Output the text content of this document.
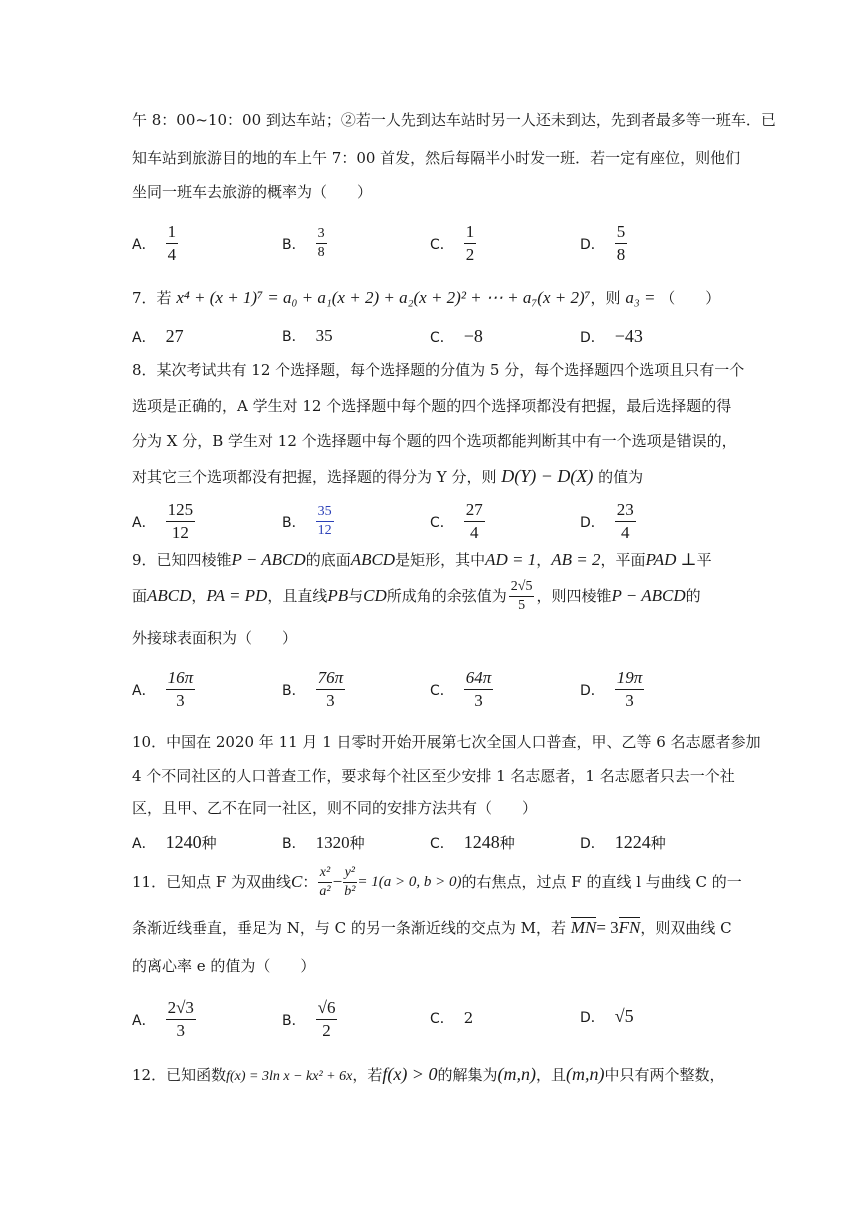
午 8：00~10：00 到达车站；②若一人先到达车站时另一人还未到达，先到者最多等一班车．已
知车站到旅游目的地的车上午 7：00 首发，然后每隔半小时发一班．若一定有座位，则他们
坐同一班车去旅游的概率为（　　）
A． $\frac{1}{4}$	B． $\frac{3}{8}$	C． $\frac{1}{2}$	D． $\frac{5}{8}$
7．若 x⁴ + (x + 1)⁷ = a₀ + a₁(x + 2) + a₂(x + 2)² + ⋯ + a₇(x + 2)⁷，则 a₃ = （　　）
A． 27	B． 35	C． −8	D． −43
8．某次考试共有 12 个选择题，每个选择题的分值为 5 分，每个选择题四个选项且只有一个
选项是正确的，A 学生对 12 个选择题中每个题的四个选择项都没有把握，最后选择题的得
分为 X 分，B 学生对 12 个选择题中每个题的四个选项都能判断其中有一个选项是错误的，
对其它三个选项都没有把握，选择题的得分为 Y 分，则 D(Y) − D(X) 的值为
A． $\frac{125}{12}$	B． $\frac{35}{12}$	C． $\frac{27}{4}$	D． $\frac{23}{4}$
9．已知四棱锥P − ABCD的底面ABCD是矩形，其中AD = 1，AB = 2，平面PAD ⊥平
面 ABCD ， PA = PD ，且直线 PB 与 CD 所成角的余弦值为 $\frac{2√5}{5}$ ，则四棱锥 P − ABCD 的
外接球表面积为（　　）
A． $\frac{16\pi}{3}$	B． $\frac{76\pi}{3}$	C． $\frac{64\pi}{3}$	D． $\frac{19\pi}{3}$
10．中国在 2020 年 11 月 1 日零时开始开展第七次全国人口普查，甲、乙等 6 名志愿者参加
4 个不同社区的人口普查工作，要求每个社区至少安排 1 名志愿者，1 名志愿者只去一个社
区，且甲、乙不在同一社区，则不同的安排方法共有（　　）
A． 1240 种	B． 1320 种	C． 1248 种	D． 1224 种
11．已知点 F 为双曲线 C ： $\frac{\text{x²}}{\text{a²}} - \frac{\text{y²}}{\text{b²}} = 1(a > 0$, b > 0) 的右焦点，过点 F 的直线 l 与曲线 C 的一
条渐近线垂直，垂足为 N，与 C 的另一条渐近线的交点为 M，若 MN= 3FN，则双曲线 C
的离心率 e 的值为（　　）
A． $\frac{2√3}{3}$	B． $\frac{√6}{2}$	C． 2	D． √5
12．已知函数f(x) = 3ln x − kx² + 6x，若f(x) > 0的解集为(m,n)，且(m,n)中只有两个整数，
